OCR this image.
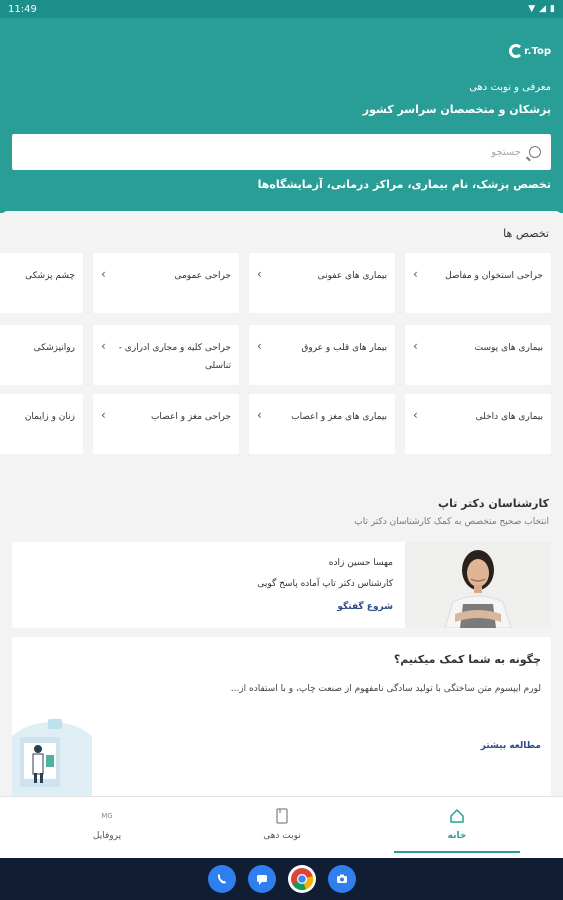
11:49	▼ ◢ ▮
r.Top
معرفی و نوبت دهی
پزشکان و متخصصان سراسر کشور
جستجو
تخصص پزشک، نام بیماری، مراکز درمانی، آزمایشگاه‌ها
تخصص ها
جراحی استخوان و مفاصل
›
بیماری های عفونی
›
جراحی عمومی
›
چشم پزشکی
بیماری های پوست
›
بیمار های قلب و عروق
›
جراحی کلیه و مجاری ادراری - تناسلی
›
روانپزشکی
بیماری های داخلی
›
بیماری های مغز و اعصاب
›
جراحی مغز و اعصاب
›
زنان و زایمان
کارشناسان دکتر تاپ
انتخاب صحیح متخصص به کمک کارشناسان دکتر تاپ
مهسا حسین زاده
کارشناس دکتر تاپ آماده پاسخ گویی
شروع گفتگو
چگونه به شما کمک میکنیم؟
لورم ایپسوم متن ساختگی با تولید سادگی نامفهوم از صنعت چاپ، و با استفاده از...
مطالعه بیشتر
خانه
نوبت دهی
MG
پروفایل
